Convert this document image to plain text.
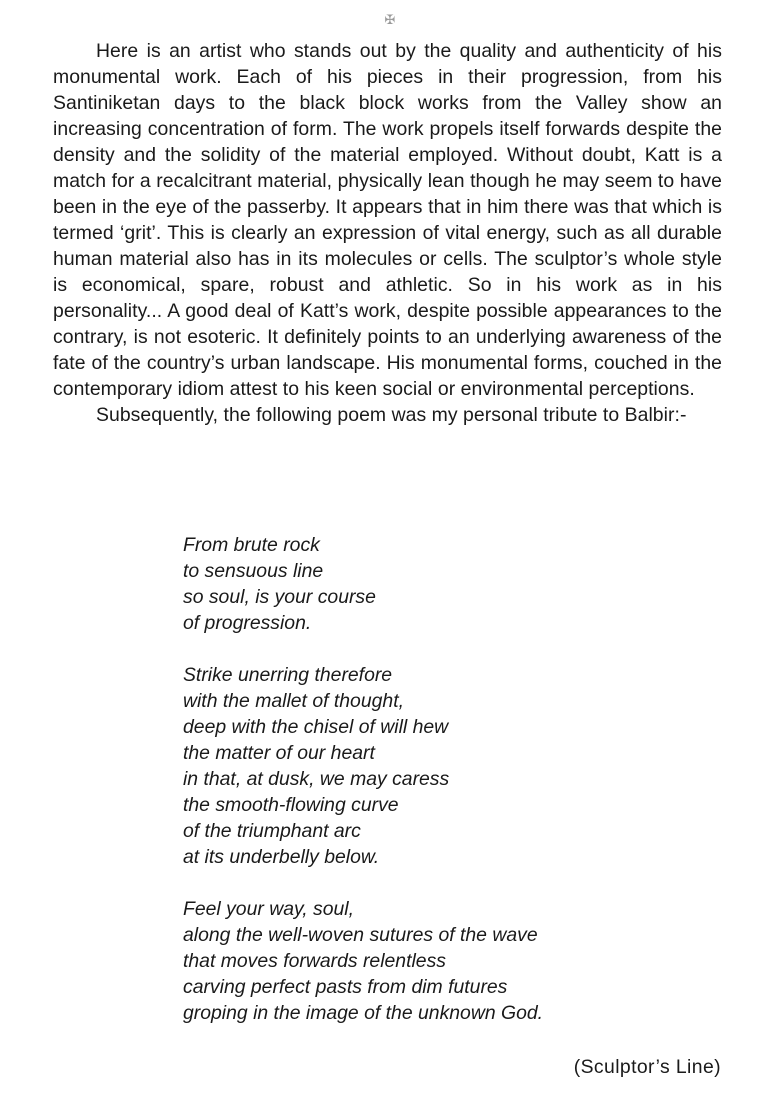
✠

Here is an artist who stands out by the quality and authenticity of his monumental work. Each of his pieces in their progression, from his Santiniketan days to the black block works from the Valley show an increasing concentration of form. The work propels itself forwards despite the density and the solidity of the material employed. Without doubt, Katt is a match for a recalcitrant material, physically lean though he may seem to have been in the eye of the passerby. It appears that in him there was that which is termed ‘grit’. This is clearly an expression of vital energy, such as all durable human material also has in its molecules or cells. The sculptor’s whole style is economical, spare, robust and athletic. So in his work as in his personality... A good deal of Katt’s work, despite possible appearances to the contrary, is not esoteric. It definitely points to an underlying awareness of the fate of the country’s urban landscape. His monumental forms, couched in the contemporary idiom attest to his keen social or environmental perceptions.

Subsequently, the following poem was my personal tribute to Balbir:-

From brute rock
to sensuous line
so soul, is your course
of progression.
Strike unerring therefore
with the mallet of thought,
deep with the chisel of will hew
the matter of our heart
in that, at dusk, we may caress
the smooth-flowing curve
of the triumphant arc
at its underbelly below.
Feel your way, soul,
along the well-woven sutures of the wave
that moves forwards relentless
carving perfect pasts from dim futures
groping in the image of the unknown God.
(Sculptor’s Line)
